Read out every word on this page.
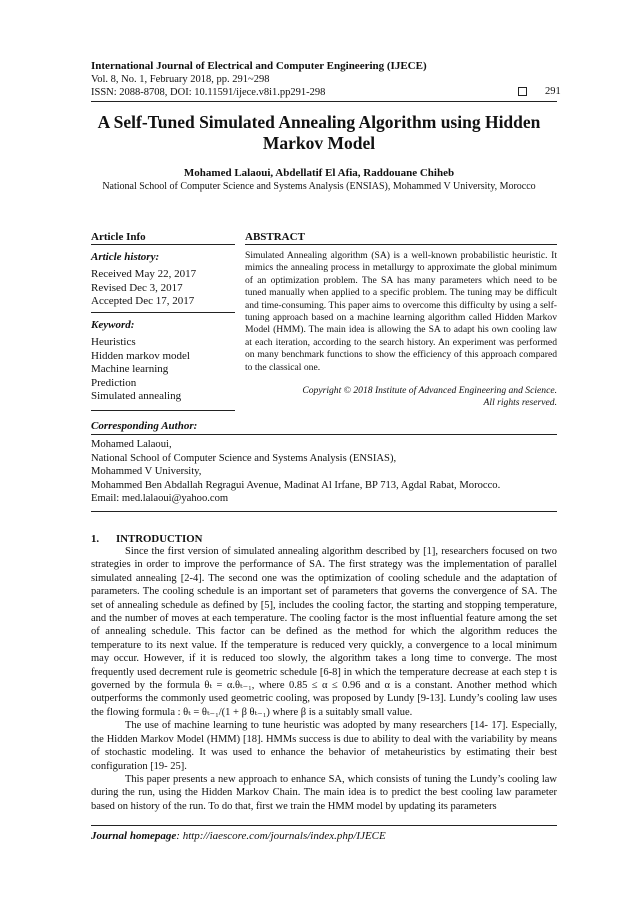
International Journal of Electrical and Computer Engineering (IJECE)
Vol. 8, No. 1, February 2018, pp. 291~298
ISSN: 2088-8708, DOI: 10.11591/ijece.v8i1.pp291-298	291
A Self-Tuned Simulated Annealing Algorithm using Hidden
Markov Model
Mohamed Lalaoui, Abdellatif El Afia, Raddouane Chiheb
National School of Computer Science and Systems Analysis (ENSIAS), Mohammed V University, Morocco
Article Info
Article history:
Received May 22, 2017
Revised Dec 3, 2017
Accepted Dec 17, 2017
Keyword:
Heuristics
Hidden markov model
Machine learning
Prediction
Simulated annealing
ABSTRACT
Simulated Annealing algorithm (SA) is a well-known probabilistic heuristic. It mimics the annealing process in metallurgy to approximate the global minimum of an optimization problem. The SA has many parameters which need to be tuned manually when applied to a specific problem. The tuning may be difficult and time-consuming. This paper aims to overcome this difficulty by using a self-tuning approach based on a machine learning algorithm called Hidden Markov Model (HMM). The main idea is allowing the SA to adapt his own cooling law at each iteration, according to the search history. An experiment was performed on many benchmark functions to show the efficiency of this approach compared to the classical one.
Copyright © 2018 Institute of Advanced Engineering and Science.
All rights reserved.
Corresponding Author:
Mohamed Lalaoui,
National School of Computer Science and Systems Analysis (ENSIAS),
Mohammed V University,
Mohammed Ben Abdallah Regragui Avenue, Madinat Al Irfane, BP 713, Agdal Rabat, Morocco.
Email: med.lalaoui@yahoo.com
1. INTRODUCTION

Since the first version of simulated annealing algorithm described by [1], researchers focused on two strategies in order to improve the performance of SA. The first strategy was the implementation of parallel simulated annealing [2-4]. The second one was the optimization of cooling schedule and the adaptation of parameters. The cooling schedule is an important set of parameters that governs the convergence of SA. The set of annealing schedule as defined by [5], includes the cooling factor, the starting and stopping temperature, and the number of moves at each temperature. The cooling factor is the most influential feature among the set of annealing schedule. This factor can be defined as the method for which the algorithm reduces the temperature to its next value. If the temperature is reduced very quickly, a convergence to a local minimum may occur. However, if it is reduced too slowly, the algorithm takes a long time to converge. The most frequently used decrement rule is geometric schedule [6-8] in which the temperature decrease at each step t is governed by the formula θₜ = α.θₜ₋₁, where 0.85 ≤ α ≤ 0.96 and α is a constant. Another method which outperforms the commonly used geometric cooling, was proposed by Lundy [9-13]. Lundy’s cooling law uses the flowing formula : θₜ = θₜ₋₁/(1 + β θₜ₋₁) where β is a suitably small value.

The use of machine learning to tune heuristic was adopted by many researchers [14- 17]. Especially, the Hidden Markov Model (HMM) [18]. HMMs success is due to ability to deal with the variability by means of stochastic modeling. It was used to enhance the behavior of metaheuristics by estimating their best configuration [19- 25].

This paper presents a new approach to enhance SA, which consists of tuning the Lundy’s cooling law during the run, using the Hidden Markov Chain. The main idea is to predict the best cooling law parameter based on history of the run. To do that, first we train the HMM model by updating its parameters

Journal homepage: http://iaescore.com/journals/index.php/IJECE
